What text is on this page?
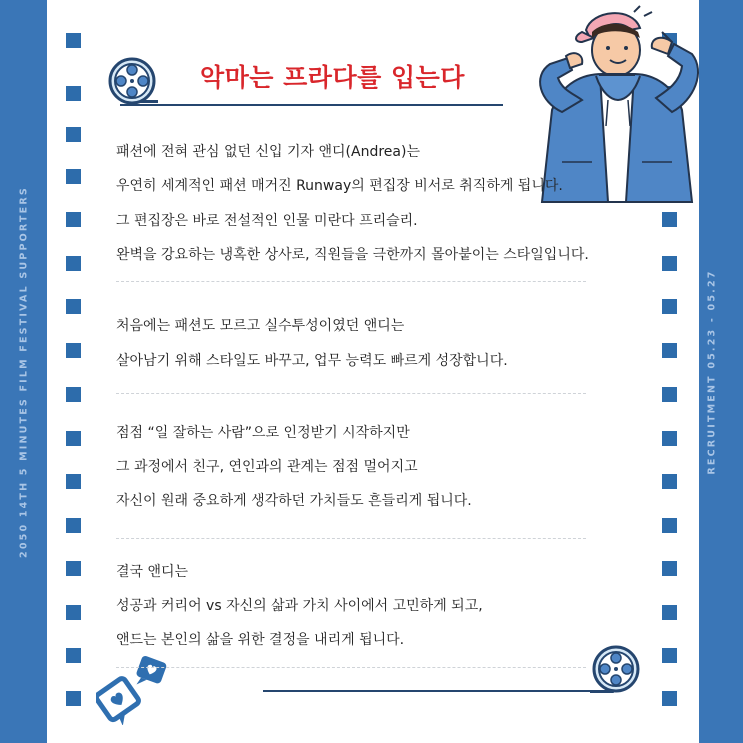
2050 14TH 5 MINUTES FILM FESTIVAL SUPPORTERS	RECRUITMENT 05.23 - 05.27
악마는 프라다를 입는다
패션에 전혀 관심 없던 신입 기자 앤디(Andrea)는
우연히 세계적인 패션 매거진 Runway의 편집장 비서로 취직하게 됩니다.
그 편집장은 바로 전설적인 인물 미란다 프리슬리.
완벽을 강요하는 냉혹한 상사로, 직원들을 극한까지 몰아붙이는 스타일입니다.
처음에는 패션도 모르고 실수투성이였던 앤디는
살아남기 위해 스타일도 바꾸고, 업무 능력도 빠르게 성장합니다.
점점 “일 잘하는 사람”으로 인정받기 시작하지만
그 과정에서 친구, 연인과의 관계는 점점 멀어지고
자신이 원래 중요하게 생각하던 가치들도 흔들리게 됩니다.
결국 앤디는
성공과 커리어 vs 자신의 삶과 가치 사이에서 고민하게 되고,
앤드는 본인의 삶을 위한 결정을 내리게 됩니다.
